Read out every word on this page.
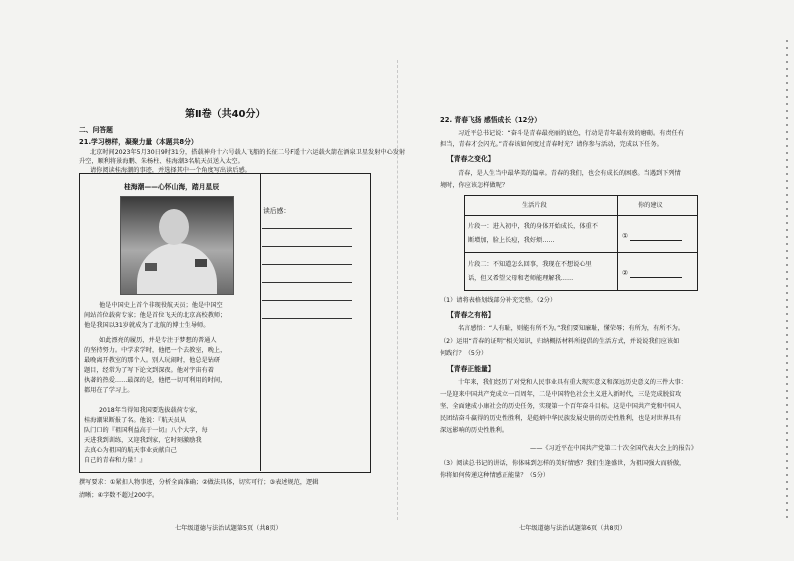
第Ⅱ卷（共40分）
二、问答题
21.学习榜样，凝聚力量（本题共8分）
北京时间2023年5月30日9时31分，搭载神舟十六号载人飞船的长征二号F遥十六运载火箭在酒泉卫星发射中心发射
升空，顺利将景海鹏、朱杨柱、桂海潮3名航天员送入太空。
请你阅读桂海潮的事迹，并选择其中一个角度写出读后感。
桂海潮——心怀山海，踏月星辰
读后感：
他是中国史上首个非现役航天员；他是中国空
间站首位载荷专家；他是首位飞天的北京高校教师；
他是我国以31岁就成为了北航的博士生导师。
如此漂亮的履历，并是专注于梦想的普通人
的坚持努力。中学求学时，他把一个去教室，晚上，
最晚离开教室的那个人。别人玩闹时，他总是钻研
题目，经常为了写下论文到深夜。他对宇宙有着
执著的热爱……最深的是，他把一切可利用的时间，
都用在了学习上。
2018年当得知我国要选拔载荷专家，
桂海潮果断报了名。他说：『航天员从
队门口的『祖国利益高于一切』八个大字，每
天进我到训练，又迎我到家，它时刻激励我
去真心为祖国的航天事业贡献自己
自己的青春和力量！』
撰写要求：①紧扣人物事迹，分析全面准确；②做法具体，切实可行；③表述规范，逻辑
清晰；④字数不超过200字。
七年级道德与法治试题第5页（共8页）
22. 青春飞扬 感悟成长（12分）
习近平总书记说：“奋斗是青春最亮丽的底色，行动是青年最有效的磨砺。有责任有
担当，青春才会闪光。”青春该如何度过青春时光？请你参与活动，完成以下任务。
【青春之变化】
青春，是人生当中最华美的篇章。青春的我们，也会有成长的困惑。当遇到下列情
境时，你应该怎样做呢？
生活片段	你的建议
片段一：进入初中，我的身体开始成长，体重不
断增加，脸上长痘，我好烦……
①
片段二：不知道怎么回事，我现在不想说心里
话，但又希望父母和老师能理解我……
②
（1）请将表格划线部分补充完整。（2分）
【青春之有格】
名言感悟：“人有耻，则能有所不为。”我们要知廉耻，懂荣辱；有所为，有所不为。
（2）运用“青春的证明”相关知识，归纳概括材料所提倡的生活方式，并说说我们应该如
何践行？（5分）
【青春正能量】
十年来，我们经历了对党和人民事业具有重大现实意义和深远历史意义的三件大事：
一是迎来中国共产党成立一百周年，二是中国特色社会主义进入新时代，三是完成脱贫攻
坚、全面建成小康社会的历史任务，实现第一个百年奋斗目标。这是中国共产党和中国人
民团结奋斗赢得的历史性胜利，是彪炳中华民族发展史册的历史性胜利，也是对世界具有
深远影响的历史性胜利。
——《习近平在中国共产党第二十次全国代表大会上的报告》
（3）阅读总书记的讲话，你体味到怎样的美好情感？我们生逢盛世，为祖国强大而骄傲，
你将如何传递这种情感正能量？（5分）
七年级道德与法治试题第6页（共8页）
